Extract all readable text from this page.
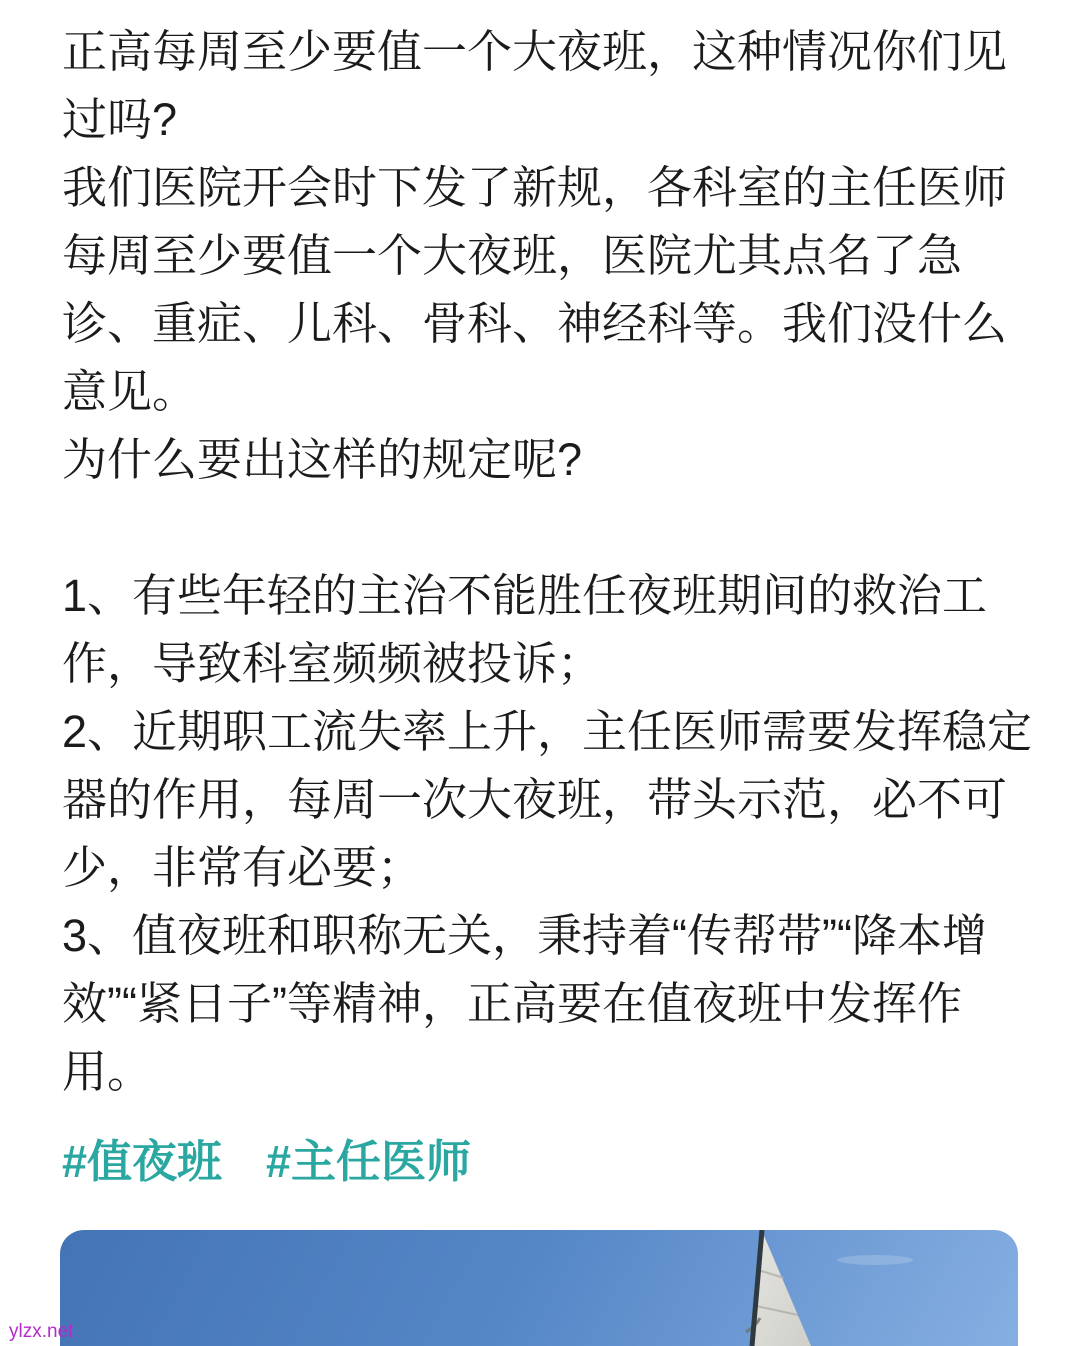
正高每周至少要值一个大夜班，这种情况你们见
过吗?
我们医院开会时下发了新规，各科室的主任医师
每周至少要值一个大夜班，医院尤其点名了急
诊、重症、儿科、骨科、神经科等。我们没什么
意见。
为什么要出这样的规定呢?
1、有些年轻的主治不能胜任夜班期间的救治工
作，导致科室频频被投诉；
2、近期职工流失率上升，主任医师需要发挥稳定
器的作用，每周一次大夜班，带头示范，必不可
少，非常有必要；
3、值夜班和职称无关，秉持着“传帮带”“降本增
效”“紧日子”等精神，正高要在值夜班中发挥作
用。
#值夜班 #主任医师
ylzx.net
